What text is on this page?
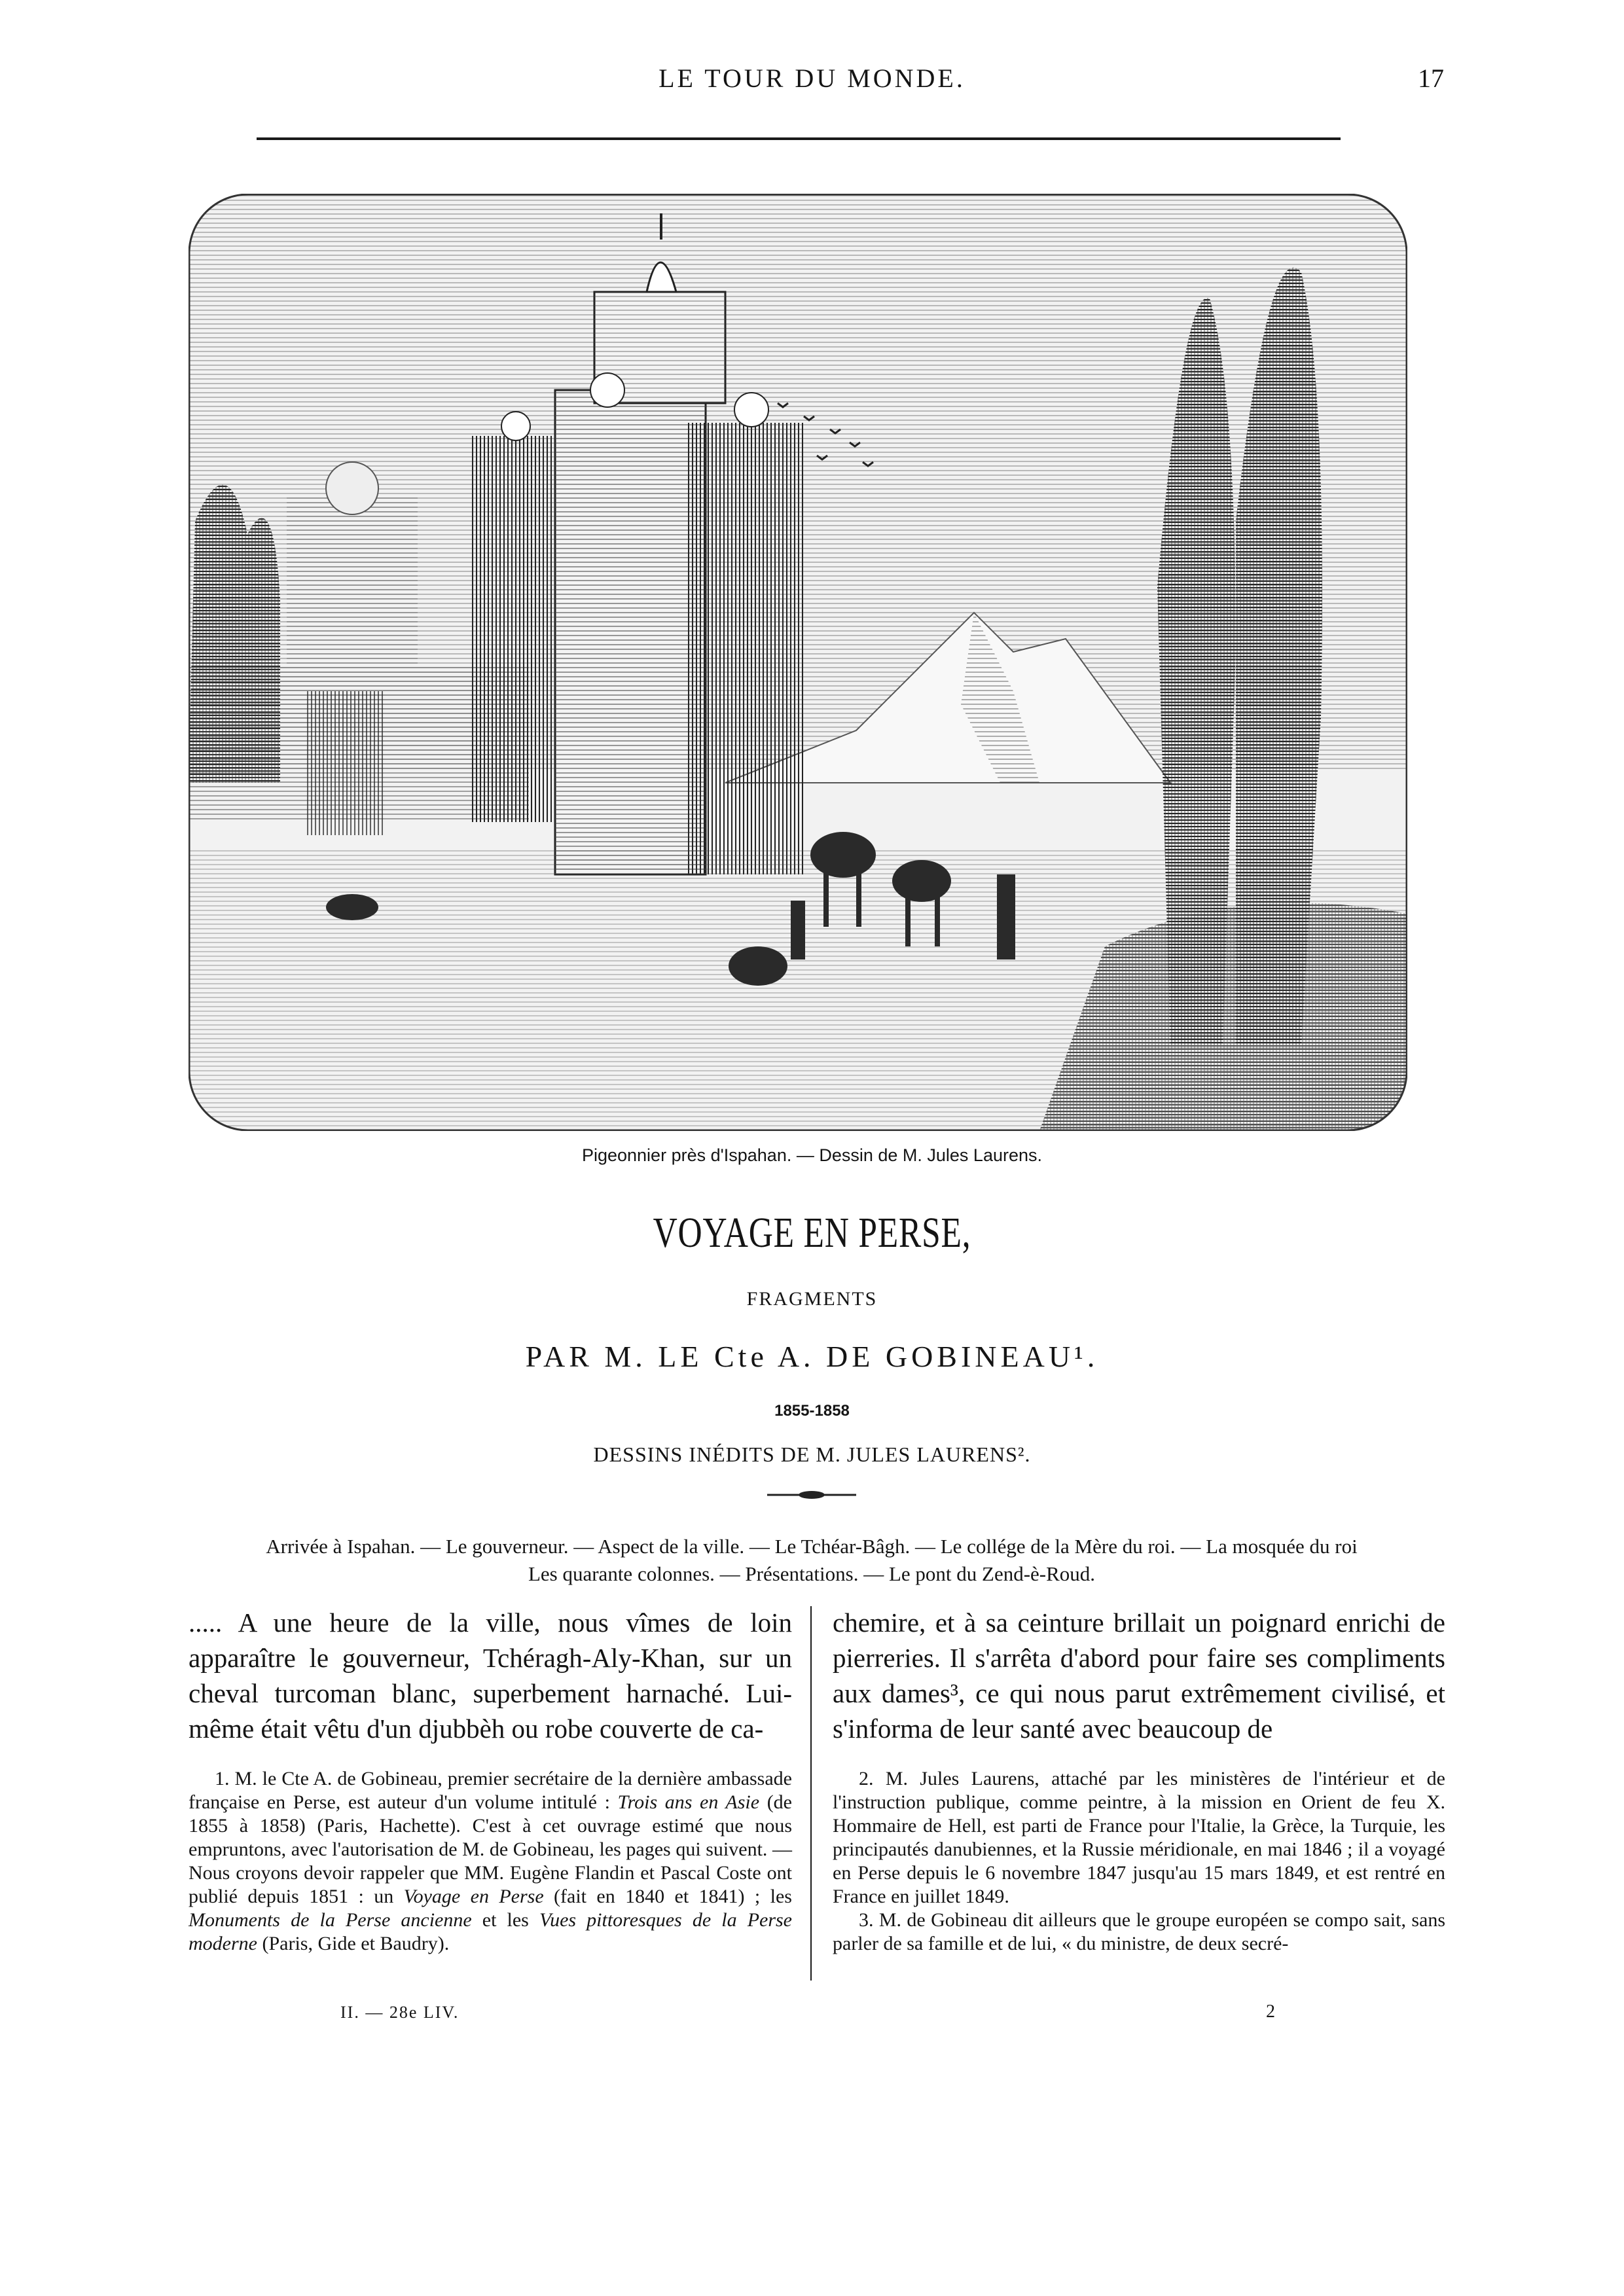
LE TOUR DU MONDE.	17
Pigeonnier près d'Ispahan. — Dessin de M. Jules Laurens.
VOYAGE EN PERSE,
FRAGMENTS
PAR M. LE Cte A. DE GOBINEAU¹.
1855-1858
DESSINS INÉDITS DE M. JULES LAURENS².
Arrivée à Ispahan. — Le gouverneur. — Aspect de la ville. — Le Tchéar-Bâgh. — Le collége de la Mère du roi. — La mosquée du roi
Les quarante colonnes. — Présentations. — Le pont du Zend-è-Roud.
..... A une heure de la ville, nous vîmes de loin apparaître le gouverneur, Tchéragh-Aly-Khan, sur un cheval turcoman blanc, superbement harnaché. Lui-même était vêtu d'un djubbèh ou robe couverte de ca-
chemire, et à sa ceinture brillait un poignard enrichi de pierreries. Il s'arrêta d'abord pour faire ses compliments aux dames³, ce qui nous parut extrêmement civilisé, et s'informa de leur santé avec beaucoup de

1. M. le Cte A. de Gobineau, premier secrétaire de la dernière ambassade française en Perse, est auteur d'un volume intitulé : Trois ans en Asie (de 1855 à 1858) (Paris, Hachette). C'est à cet ouvrage estimé que nous empruntons, avec l'autorisation de M. de Gobineau, les pages qui suivent. — Nous croyons devoir rappeler que MM. Eugène Flandin et Pascal Coste ont publié depuis 1851 : un Voyage en Perse (fait en 1840 et 1841) ; les Monuments de la Perse ancienne et les Vues pittoresques de la Perse moderne (Paris, Gide et Baudry).

2. M. Jules Laurens, attaché par les ministères de l'intérieur et de l'instruction publique, comme peintre, à la mission en Orient de feu X. Hommaire de Hell, est parti de France pour l'Italie, la Grèce, la Turquie, les principautés danubiennes, et la Russie méridionale, en mai 1846 ; il a voyagé en Perse depuis le 6 novembre 1847 jusqu'au 15 mars 1849, et est rentré en France en juillet 1849.

3. M. de Gobineau dit ailleurs que le groupe européen se compo sait, sans parler de sa famille et de lui, « du ministre, de deux secré-

II. — 28e LIV.	2
